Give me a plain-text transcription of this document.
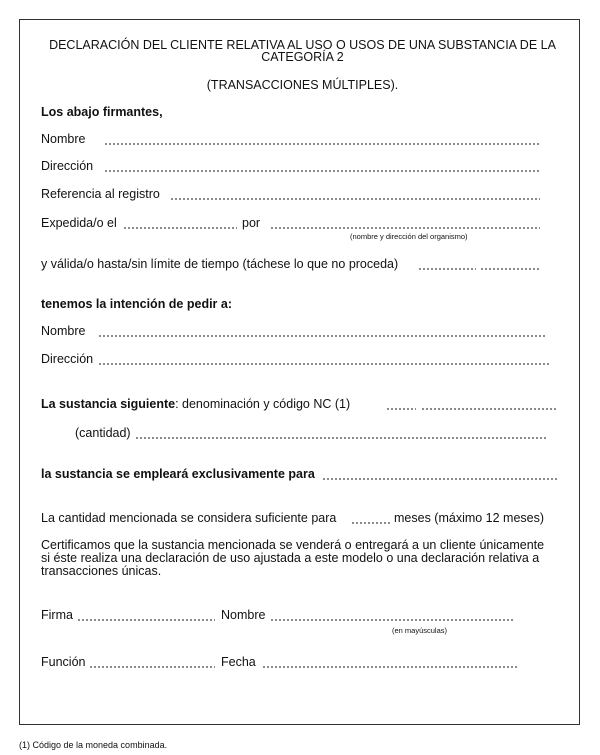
DECLARACIÓN DEL CLIENTE RELATIVA AL USO O USOS DE UNA SUBSTANCIA DE LA
CATEGORÍA 2
(TRANSACCIONES MÚLTIPLES).
Los abajo firmantes,
Nombre
Dirección
Referencia al registro
Expedida/o el	por
(nombre y dirección del organismo)
y válida/o hasta/sin límite de tiempo (táchese lo que no proceda)
tenemos la intención de pedir a:
Nombre
Dirección
La sustancia siguiente: denominación y código NC (1)
(cantidad)
la sustancia se empleará exclusivamente para
La cantidad mencionada se considera suficiente para	meses (máximo 12 meses)
Certificamos que la sustancia mencionada se venderá o entregará a un cliente únicamente
si éste realiza una declaración de uso ajustada a este modelo o una declaración relativa a
transacciones únicas.
Firma	Nombre
(en mayúsculas)
Función	Fecha
(1) Código de la moneda combinada.
